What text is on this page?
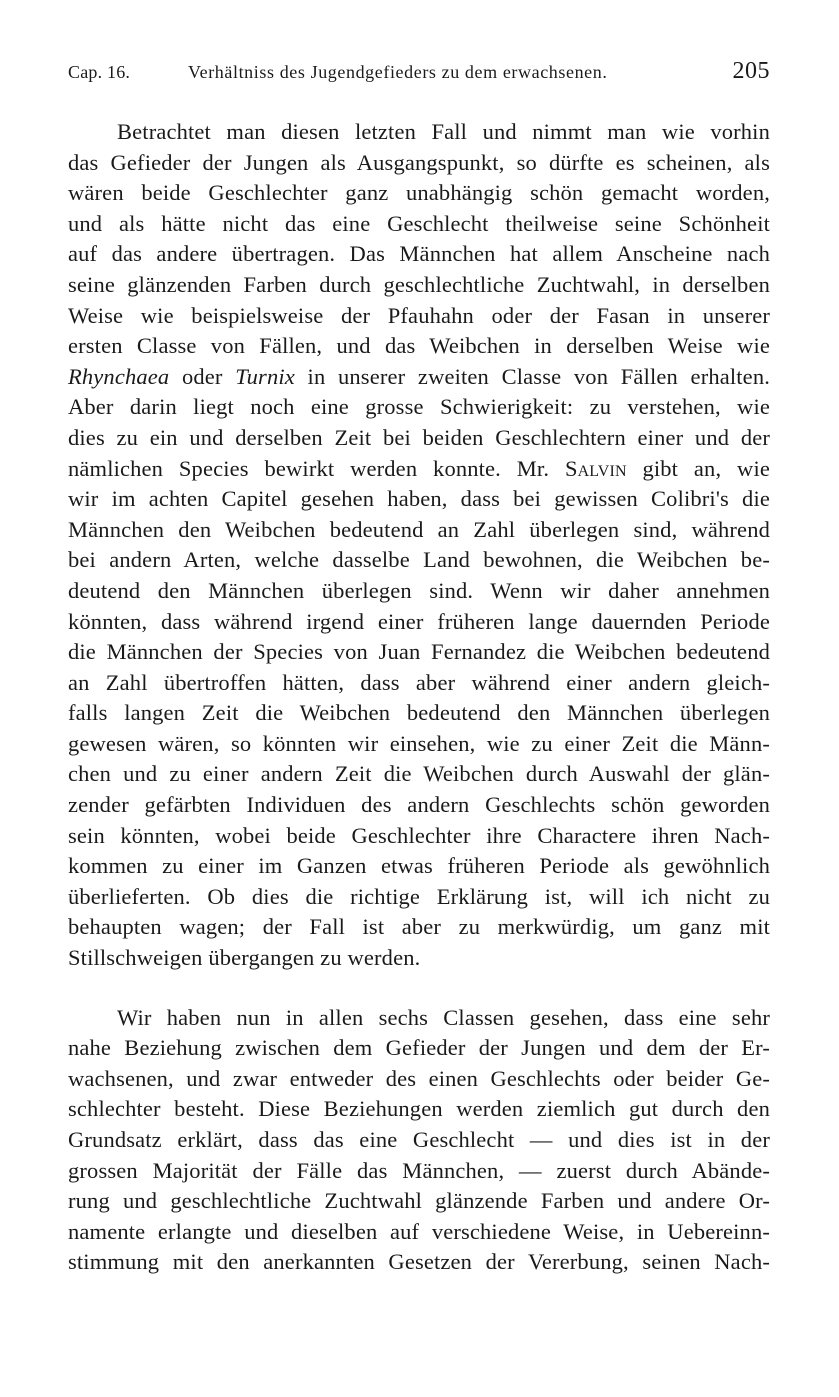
Cap. 16.	Verhältniss des Jugendgefieders zu dem erwachsenen.	205
Betrachtet man diesen letzten Fall und nimmt man wie vorhin
das Gefieder der Jungen als Ausgangspunkt, so dürfte es scheinen, als
wären beide Geschlechter ganz unabhängig schön gemacht worden,
und als hätte nicht das eine Geschlecht theilweise seine Schönheit
auf das andere übertragen. Das Männchen hat allem Anscheine nach
seine glänzenden Farben durch geschlechtliche Zuchtwahl, in derselben
Weise wie beispielsweise der Pfauhahn oder der Fasan in unserer
ersten Classe von Fällen, und das Weibchen in derselben Weise wie
Rhynchaea oder Turnix in unserer zweiten Classe von Fällen erhalten.
Aber darin liegt noch eine grosse Schwierigkeit: zu verstehen, wie
dies zu ein und derselben Zeit bei beiden Geschlechtern einer und der
nämlichen Species bewirkt werden konnte. Mr. Salvin gibt an, wie
wir im achten Capitel gesehen haben, dass bei gewissen Colibri's die
Männchen den Weibchen bedeutend an Zahl überlegen sind, während
bei andern Arten, welche dasselbe Land bewohnen, die Weibchen be-
deutend den Männchen überlegen sind. Wenn wir daher annehmen
könnten, dass während irgend einer früheren lange dauernden Periode
die Männchen der Species von Juan Fernandez die Weibchen bedeutend
an Zahl übertroffen hätten, dass aber während einer andern gleich-
falls langen Zeit die Weibchen bedeutend den Männchen überlegen
gewesen wären, so könnten wir einsehen, wie zu einer Zeit die Männ-
chen und zu einer andern Zeit die Weibchen durch Auswahl der glän-
zender gefärbten Individuen des andern Geschlechts schön geworden
sein könnten, wobei beide Geschlechter ihre Charactere ihren Nach-
kommen zu einer im Ganzen etwas früheren Periode als gewöhnlich
überlieferten. Ob dies die richtige Erklärung ist, will ich nicht zu
behaupten wagen; der Fall ist aber zu merkwürdig, um ganz mit
Stillschweigen übergangen zu werden.
Wir haben nun in allen sechs Classen gesehen, dass eine sehr
nahe Beziehung zwischen dem Gefieder der Jungen und dem der Er-
wachsenen, und zwar entweder des einen Geschlechts oder beider Ge-
schlechter besteht. Diese Beziehungen werden ziemlich gut durch den
Grundsatz erklärt, dass das eine Geschlecht — und dies ist in der
grossen Majorität der Fälle das Männchen, — zuerst durch Abände-
rung und geschlechtliche Zuchtwahl glänzende Farben und andere Or-
namente erlangte und dieselben auf verschiedene Weise, in Uebereinn-
stimmung mit den anerkannten Gesetzen der Vererbung, seinen Nach-
